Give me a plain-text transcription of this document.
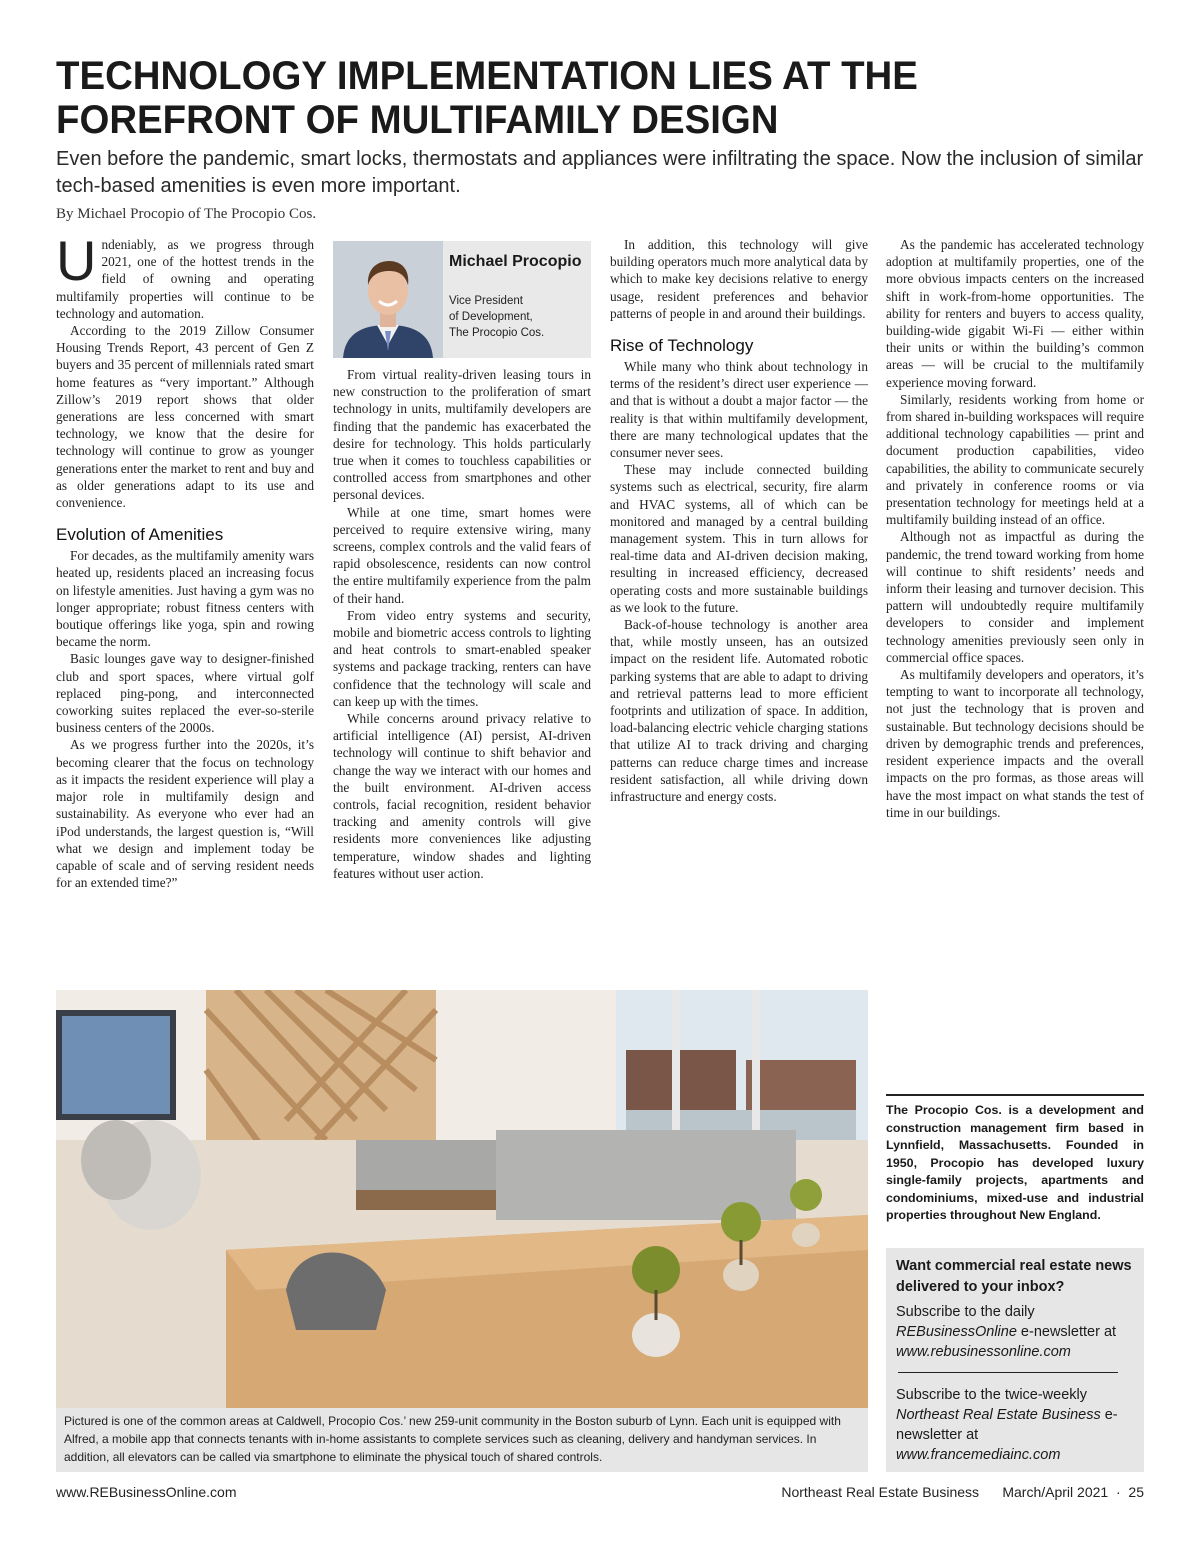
TECHNOLOGY IMPLEMENTATION LIES AT THE FOREFRONT OF MULTIFAMILY DESIGN

Even before the pandemic, smart locks, thermostats and appliances were infiltrating the space. Now the inclusion of similar tech-based amenities is even more important.

By Michael Procopio of The Procopio Cos.

Undeniably, as we progress through 2021, one of the hottest trends in the field of owning and operating multifamily properties will continue to be technology and automation.

According to the 2019 Zillow Consumer Housing Trends Report, 43 percent of Gen Z buyers and 35 percent of millennials rated smart home features as “very important.” Although Zillow’s 2019 report shows that older generations are less concerned with smart technology, we know that the desire for technology will continue to grow as younger generations enter the market to rent and buy and as older generations adapt to its use and convenience.

Evolution of Amenities

For decades, as the multifamily amenity wars heated up, residents placed an increasing focus on lifestyle amenities. Just having a gym was no longer appropriate; robust fitness centers with boutique offerings like yoga, spin and rowing became the norm.

Basic lounges gave way to designer-finished club and sport spaces, where virtual golf replaced ping-pong, and interconnected coworking suites replaced the ever-so-sterile business centers of the 2000s.

As we progress further into the 2020s, it’s becoming clearer that the focus on technology as it impacts the resident experience will play a major role in multifamily design and sustainability. As everyone who ever had an iPod understands, the largest question is, “Will what we design and implement today be capable of scale and of serving resident needs for an extended time?”

Michael Procopio
Vice President
of Development,
The Procopio Cos.

From virtual reality-driven leasing tours in new construction to the proliferation of smart technology in units, multifamily developers are finding that the pandemic has exacerbated the desire for technology. This holds particularly true when it comes to touchless capabilities or controlled access from smartphones and other personal devices.

While at one time, smart homes were perceived to require extensive wiring, many screens, complex controls and the valid fears of rapid obsolescence, residents can now control the entire multifamily experience from the palm of their hand.

From video entry systems and security, mobile and biometric access controls to lighting and heat controls to smart-enabled speaker systems and package tracking, renters can have confidence that the technology will scale and can keep up with the times.

While concerns around privacy relative to artificial intelligence (AI) persist, AI-driven technology will continue to shift behavior and change the way we interact with our homes and the built environment. AI-driven access controls, facial recognition, resident behavior tracking and amenity controls will give residents more conveniences like adjusting temperature, window shades and lighting features without user action.

In addition, this technology will give building operators much more analytical data by which to make key decisions relative to energy usage, resident preferences and behavior patterns of people in and around their buildings.

Rise of Technology

While many who think about technology in terms of the resident’s direct user experience — and that is without a doubt a major factor — the reality is that within multifamily development, there are many technological updates that the consumer never sees.

These may include connected building systems such as electrical, security, fire alarm and HVAC systems, all of which can be monitored and managed by a central building management system. This in turn allows for real-time data and AI-driven decision making, resulting in increased efficiency, decreased operating costs and more sustainable buildings as we look to the future.

Back-of-house technology is another area that, while mostly unseen, has an outsized impact on the resident life. Automated robotic parking systems that are able to adapt to driving and retrieval patterns lead to more efficient footprints and utilization of space. In addition, load-balancing electric vehicle charging stations that utilize AI to track driving and charging patterns can reduce charge times and increase resident satisfaction, all while driving down infrastructure and energy costs.

As the pandemic has accelerated technology adoption at multifamily properties, one of the more obvious impacts centers on the increased shift in work-from-home opportunities. The ability for renters and buyers to access quality, building-wide gigabit Wi-Fi — either within their units or within the building’s common areas — will be crucial to the multifamily experience moving forward.

Similarly, residents working from home or from shared in-building workspaces will require additional technology capabilities — print and document production capabilities, video capabilities, the ability to communicate securely and privately in conference rooms or via presentation technology for meetings held at a multifamily building instead of an office.

Although not as impactful as during the pandemic, the trend toward working from home will continue to shift residents’ needs and inform their leasing and turnover decision. This pattern will undoubtedly require multifamily developers to consider and implement technology amenities previously seen only in commercial office spaces.

As multifamily developers and operators, it’s tempting to want to incorporate all technology, not just the technology that is proven and sustainable. But technology decisions should be driven by demographic trends and preferences, resident experience impacts and the overall impacts on the pro formas, as those areas will have the most impact on what stands the test of time in our buildings.

Pictured is one of the common areas at Caldwell, Procopio Cos.’ new 259-unit community in the Boston suburb of Lynn. Each unit is equipped with Alfred, a mobile app that connects tenants with in-home assistants to complete services such as cleaning, delivery and handyman services. In addition, all elevators can be called via smartphone to eliminate the physical touch of shared controls.
The Procopio Cos. is a development and construction management firm based in Lynnfield, Massachusetts. Founded in 1950, Procopio has developed luxury single-family projects, apartments and condominiums, mixed-use and industrial properties throughout New England.

Want commercial real estate news delivered to your inbox?

Subscribe to the daily
REBusinessOnline e-newsletter at
www.rebusinessonline.com

Subscribe to the twice-weekly Northeast Real Estate Business e-newsletter at www.francemediainc.com

www.REBusinessOnline.com	Northeast Real Estate Business March/April 2021 · 25
